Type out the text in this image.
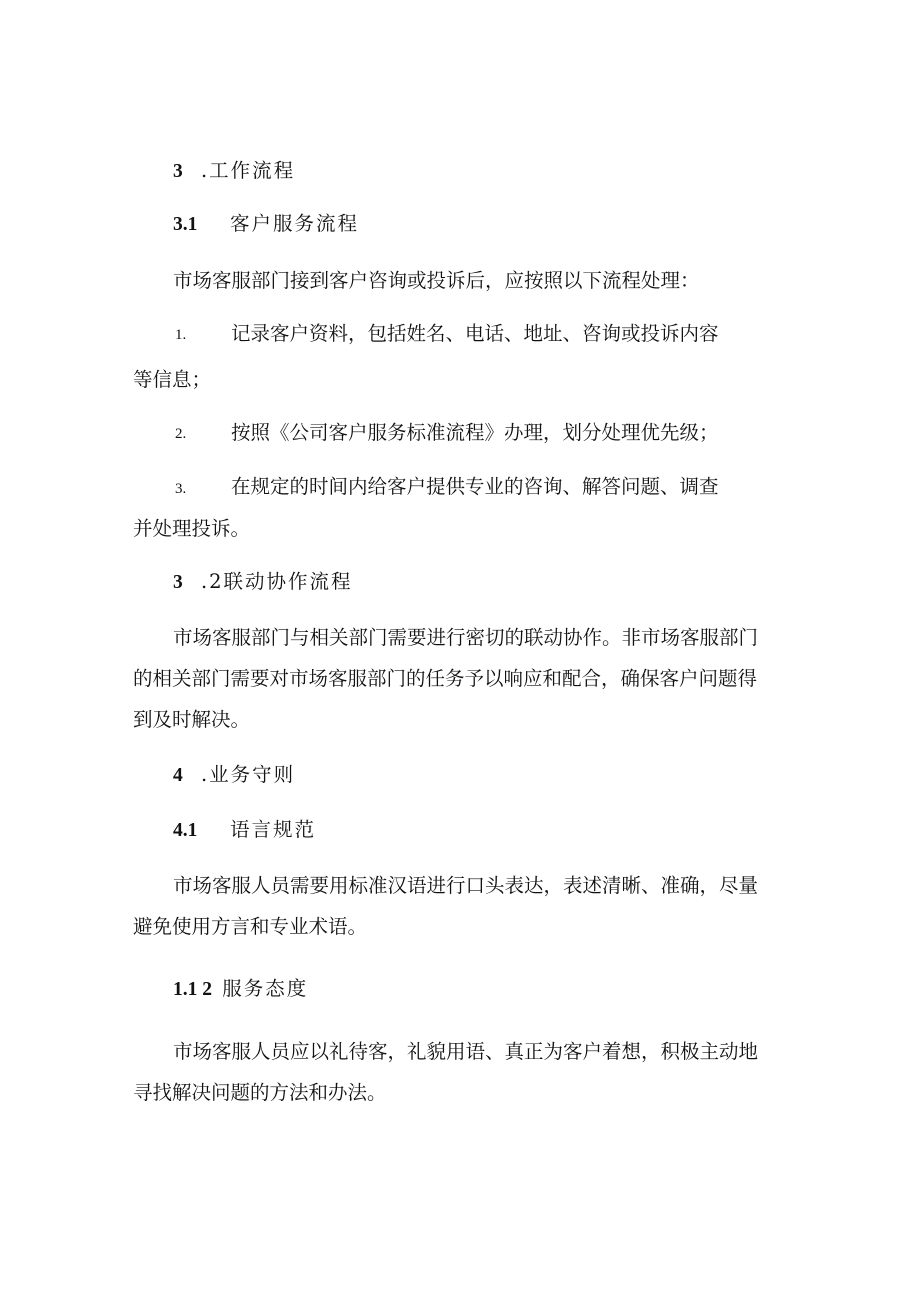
3 .工作流程
3.1 客户服务流程
市场客服部门接到客户咨询或投诉后，应按照以下流程处理：
1. 记录客户资料，包括姓名、电话、地址、咨询或投诉内容
等信息；
2. 按照《公司客户服务标准流程》办理，划分处理优先级；
3. 在规定的时间内给客户提供专业的咨询、解答问题、调查
并处理投诉。
3 .2联动协作流程
市场客服部门与相关部门需要进行密切的联动协作。非市场客服部门
的相关部门需要对市场客服部门的任务予以响应和配合，确保客户问题得
到及时解决。
4 .业务守则
4.1 语言规范
市场客服人员需要用标准汉语进行口头表达，表述清晰、准确，尽量
避免使用方言和专业术语。
1.1 2 服务态度
市场客服人员应以礼待客，礼貌用语、真正为客户着想，积极主动地
寻找解决问题的方法和办法。
